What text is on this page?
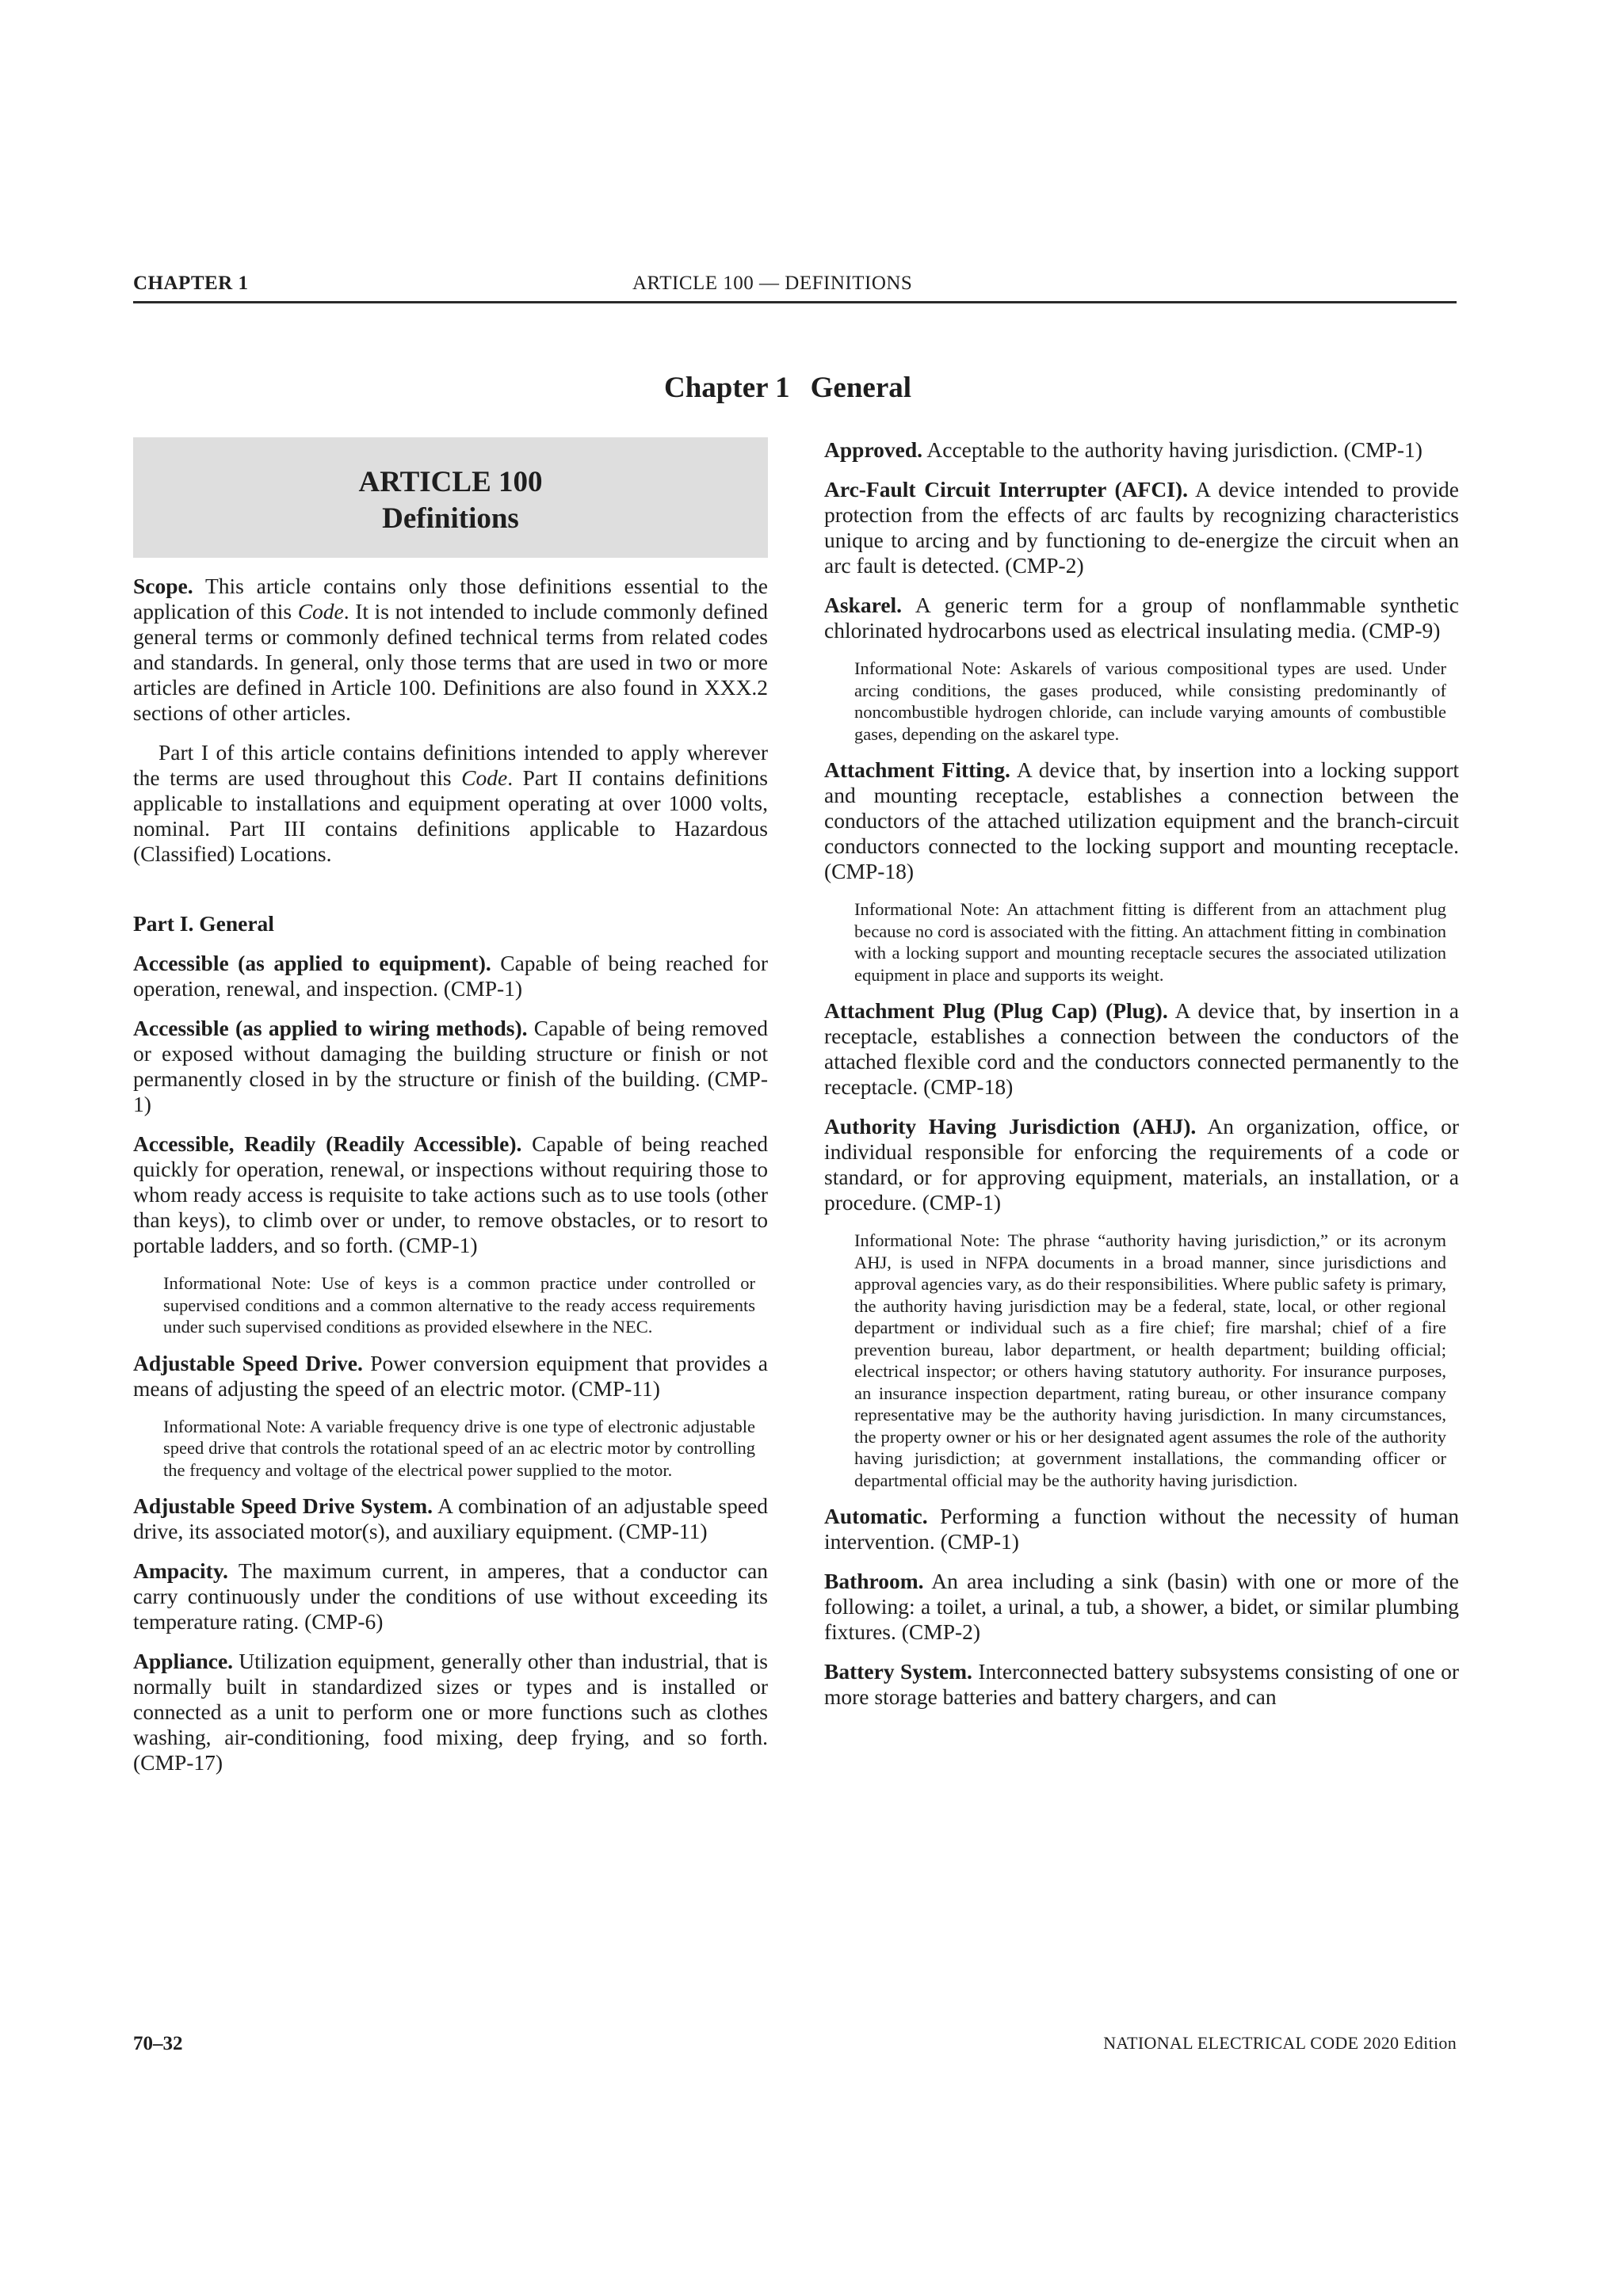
CHAPTER 1	ARTICLE 100 — DEFINITIONS
Chapter 1 General
ARTICLE 100
Definitions

Scope. This article contains only those definitions essential to the application of this Code. It is not intended to include commonly defined general terms or commonly defined technical terms from related codes and standards. In general, only those terms that are used in two or more articles are defined in Article 100. Definitions are also found in XXX.2 sections of other articles.

Part I of this article contains definitions intended to apply wherever the terms are used throughout this Code. Part II contains definitions applicable to installations and equipment operating at over 1000 volts, nominal. Part III contains definitions applicable to Hazardous (Classified) Locations.

Part I. General

Accessible (as applied to equipment). Capable of being reached for operation, renewal, and inspection. (CMP-1)

Accessible (as applied to wiring methods). Capable of being removed or exposed without damaging the building structure or finish or not permanently closed in by the structure or finish of the building. (CMP-1)

Accessible, Readily (Readily Accessible). Capable of being reached quickly for operation, renewal, or inspections without requiring those to whom ready access is requisite to take actions such as to use tools (other than keys), to climb over or under, to remove obstacles, or to resort to portable ladders, and so forth. (CMP-1)

Informational Note: Use of keys is a common practice under controlled or supervised conditions and a common alternative to the ready access requirements under such supervised conditions as provided elsewhere in the NEC.

Adjustable Speed Drive. Power conversion equipment that provides a means of adjusting the speed of an electric motor. (CMP-11)

Informational Note: A variable frequency drive is one type of electronic adjustable speed drive that controls the rotational speed of an ac electric motor by controlling the frequency and voltage of the electrical power supplied to the motor.

Adjustable Speed Drive System. A combination of an adjustable speed drive, its associated motor(s), and auxiliary equipment. (CMP-11)

Ampacity. The maximum current, in amperes, that a conductor can carry continuously under the conditions of use without exceeding its temperature rating. (CMP-6)

Appliance. Utilization equipment, generally other than industrial, that is normally built in standardized sizes or types and is installed or connected as a unit to perform one or more functions such as clothes washing, air-conditioning, food mixing, deep frying, and so forth. (CMP-17)

Approved. Acceptable to the authority having jurisdiction. (CMP-1)

Arc-Fault Circuit Interrupter (AFCI). A device intended to provide protection from the effects of arc faults by recognizing characteristics unique to arcing and by functioning to de-energize the circuit when an arc fault is detected. (CMP-2)

Askarel. A generic term for a group of nonflammable synthetic chlorinated hydrocarbons used as electrical insulating media. (CMP-9)

Informational Note: Askarels of various compositional types are used. Under arcing conditions, the gases produced, while consisting predominantly of noncombustible hydrogen chloride, can include varying amounts of combustible gases, depending on the askarel type.

Attachment Fitting. A device that, by insertion into a locking support and mounting receptacle, establishes a connection between the conductors of the attached utilization equipment and the branch-circuit conductors connected to the locking support and mounting receptacle. (CMP-18)

Informational Note: An attachment fitting is different from an attachment plug because no cord is associated with the fitting. An attachment fitting in combination with a locking support and mounting receptacle secures the associated utilization equipment in place and supports its weight.

Attachment Plug (Plug Cap) (Plug). A device that, by insertion in a receptacle, establishes a connection between the conductors of the attached flexible cord and the conductors connected permanently to the receptacle. (CMP-18)

Authority Having Jurisdiction (AHJ). An organization, office, or individual responsible for enforcing the requirements of a code or standard, or for approving equipment, materials, an installation, or a procedure. (CMP-1)

Informational Note: The phrase “authority having jurisdiction,” or its acronym AHJ, is used in NFPA documents in a broad manner, since jurisdictions and approval agencies vary, as do their responsibilities. Where public safety is primary, the authority having jurisdiction may be a federal, state, local, or other regional department or individual such as a fire chief; fire marshal; chief of a fire prevention bureau, labor department, or health department; building official; electrical inspector; or others having statutory authority. For insurance purposes, an insurance inspection department, rating bureau, or other insurance company representative may be the authority having jurisdiction. In many circumstances, the property owner or his or her designated agent assumes the role of the authority having jurisdiction; at government installations, the commanding officer or departmental official may be the authority having jurisdiction.

Automatic. Performing a function without the necessity of human intervention. (CMP-1)

Bathroom. An area including a sink (basin) with one or more of the following: a toilet, a urinal, a tub, a shower, a bidet, or similar plumbing fixtures. (CMP-2)

Battery System. Interconnected battery subsystems consisting of one or more storage batteries and battery chargers, and can

70–32	NATIONAL ELECTRICAL CODE 2020 Edition
